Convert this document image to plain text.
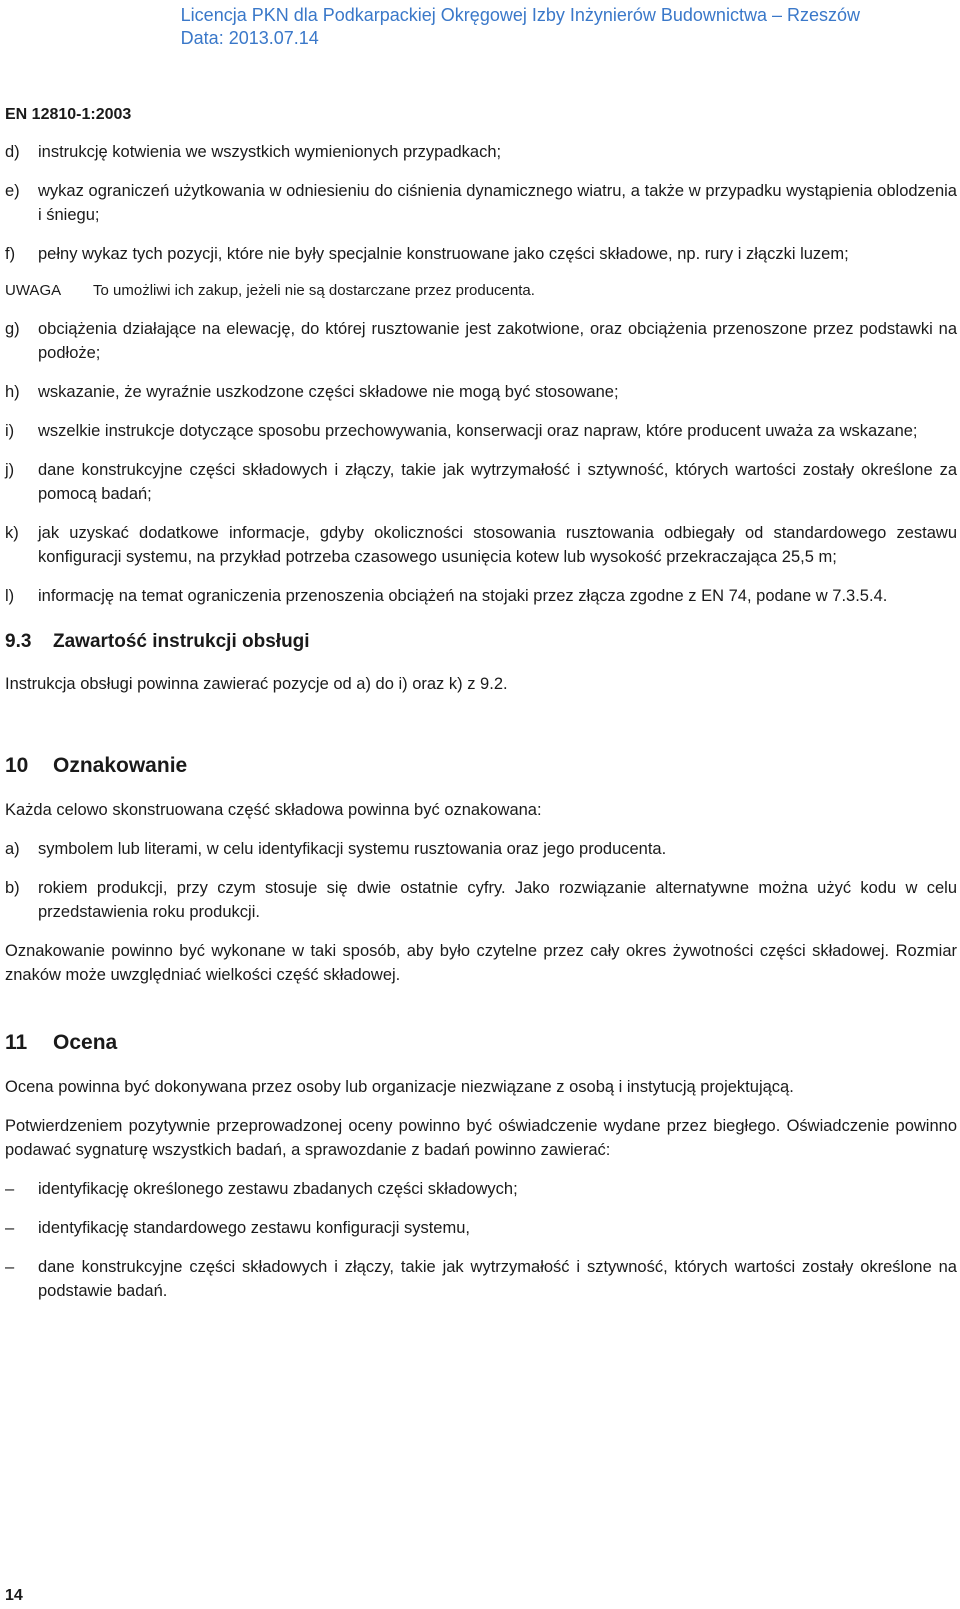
Licencja PKN dla Podkarpackiej Okręgowej Izby Inżynierów Budownictwa – Rzeszów
Data: 2013.07.14
EN 12810-1:2003
d)	instrukcję kotwienia we wszystkich wymienionych przypadkach;
e)	wykaz ograniczeń użytkowania w odniesieniu do ciśnienia dynamicznego wiatru, a także w przypadku wystąpienia oblodzenia i śniegu;
f)	pełny wykaz tych pozycji, które nie były specjalnie konstruowane jako części składowe, np. rury i złączki luzem;
UWAGA	To umożliwi ich zakup, jeżeli nie są dostarczane przez producenta.
g)	obciążenia działające na elewację, do której rusztowanie jest zakotwione, oraz obciążenia przenoszone przez podstawki na podłoże;
h)	wskazanie, że wyraźnie uszkodzone części składowe nie mogą być stosowane;
i)	wszelkie instrukcje dotyczące sposobu przechowywania, konserwacji oraz napraw, które producent uważa za wskazane;
j)	dane konstrukcyjne części składowych i złączy, takie jak wytrzymałość i sztywność, których wartości zostały określone za pomocą badań;
k)	jak uzyskać dodatkowe informacje, gdyby okoliczności stosowania rusztowania odbiegały od standardowego zestawu konfiguracji systemu, na przykład potrzeba czasowego usunięcia kotew lub wysokość przekraczająca 25,5 m;
l)	informację na temat ograniczenia przenoszenia obciążeń na stojaki przez złącza zgodne z EN 74, podane w 7.3.5.4.
9.3	Zawartość instrukcji obsługi

Instrukcja obsługi powinna zawierać pozycje od a) do i) oraz k) z 9.2.

10	Oznakowanie

Każda celowo skonstruowana część składowa powinna być oznakowana:

a)	symbolem lub literami, w celu identyfikacji systemu rusztowania oraz jego producenta.
b)	rokiem produkcji, przy czym stosuje się dwie ostatnie cyfry. Jako rozwiązanie alternatywne można użyć kodu w celu przedstawienia roku produkcji.

Oznakowanie powinno być wykonane w taki sposób, aby było czytelne przez cały okres żywotności części składowej. Rozmiar znaków może uwzględniać wielkości część składowej.

11	Ocena

Ocena powinna być dokonywana przez osoby lub organizacje niezwiązane z osobą i instytucją projektującą.

Potwierdzeniem pozytywnie przeprowadzonej oceny powinno być oświadczenie wydane przez biegłego. Oświadczenie powinno podawać sygnaturę wszystkich badań, a sprawozdanie z badań powinno zawierać:

–	identyfikację określonego zestawu zbadanych części składowych;
–	identyfikację standardowego zestawu konfiguracji systemu,
–	dane konstrukcyjne części składowych i złączy, takie jak wytrzymałość i sztywność, których wartości zostały określone na podstawie badań.
14
